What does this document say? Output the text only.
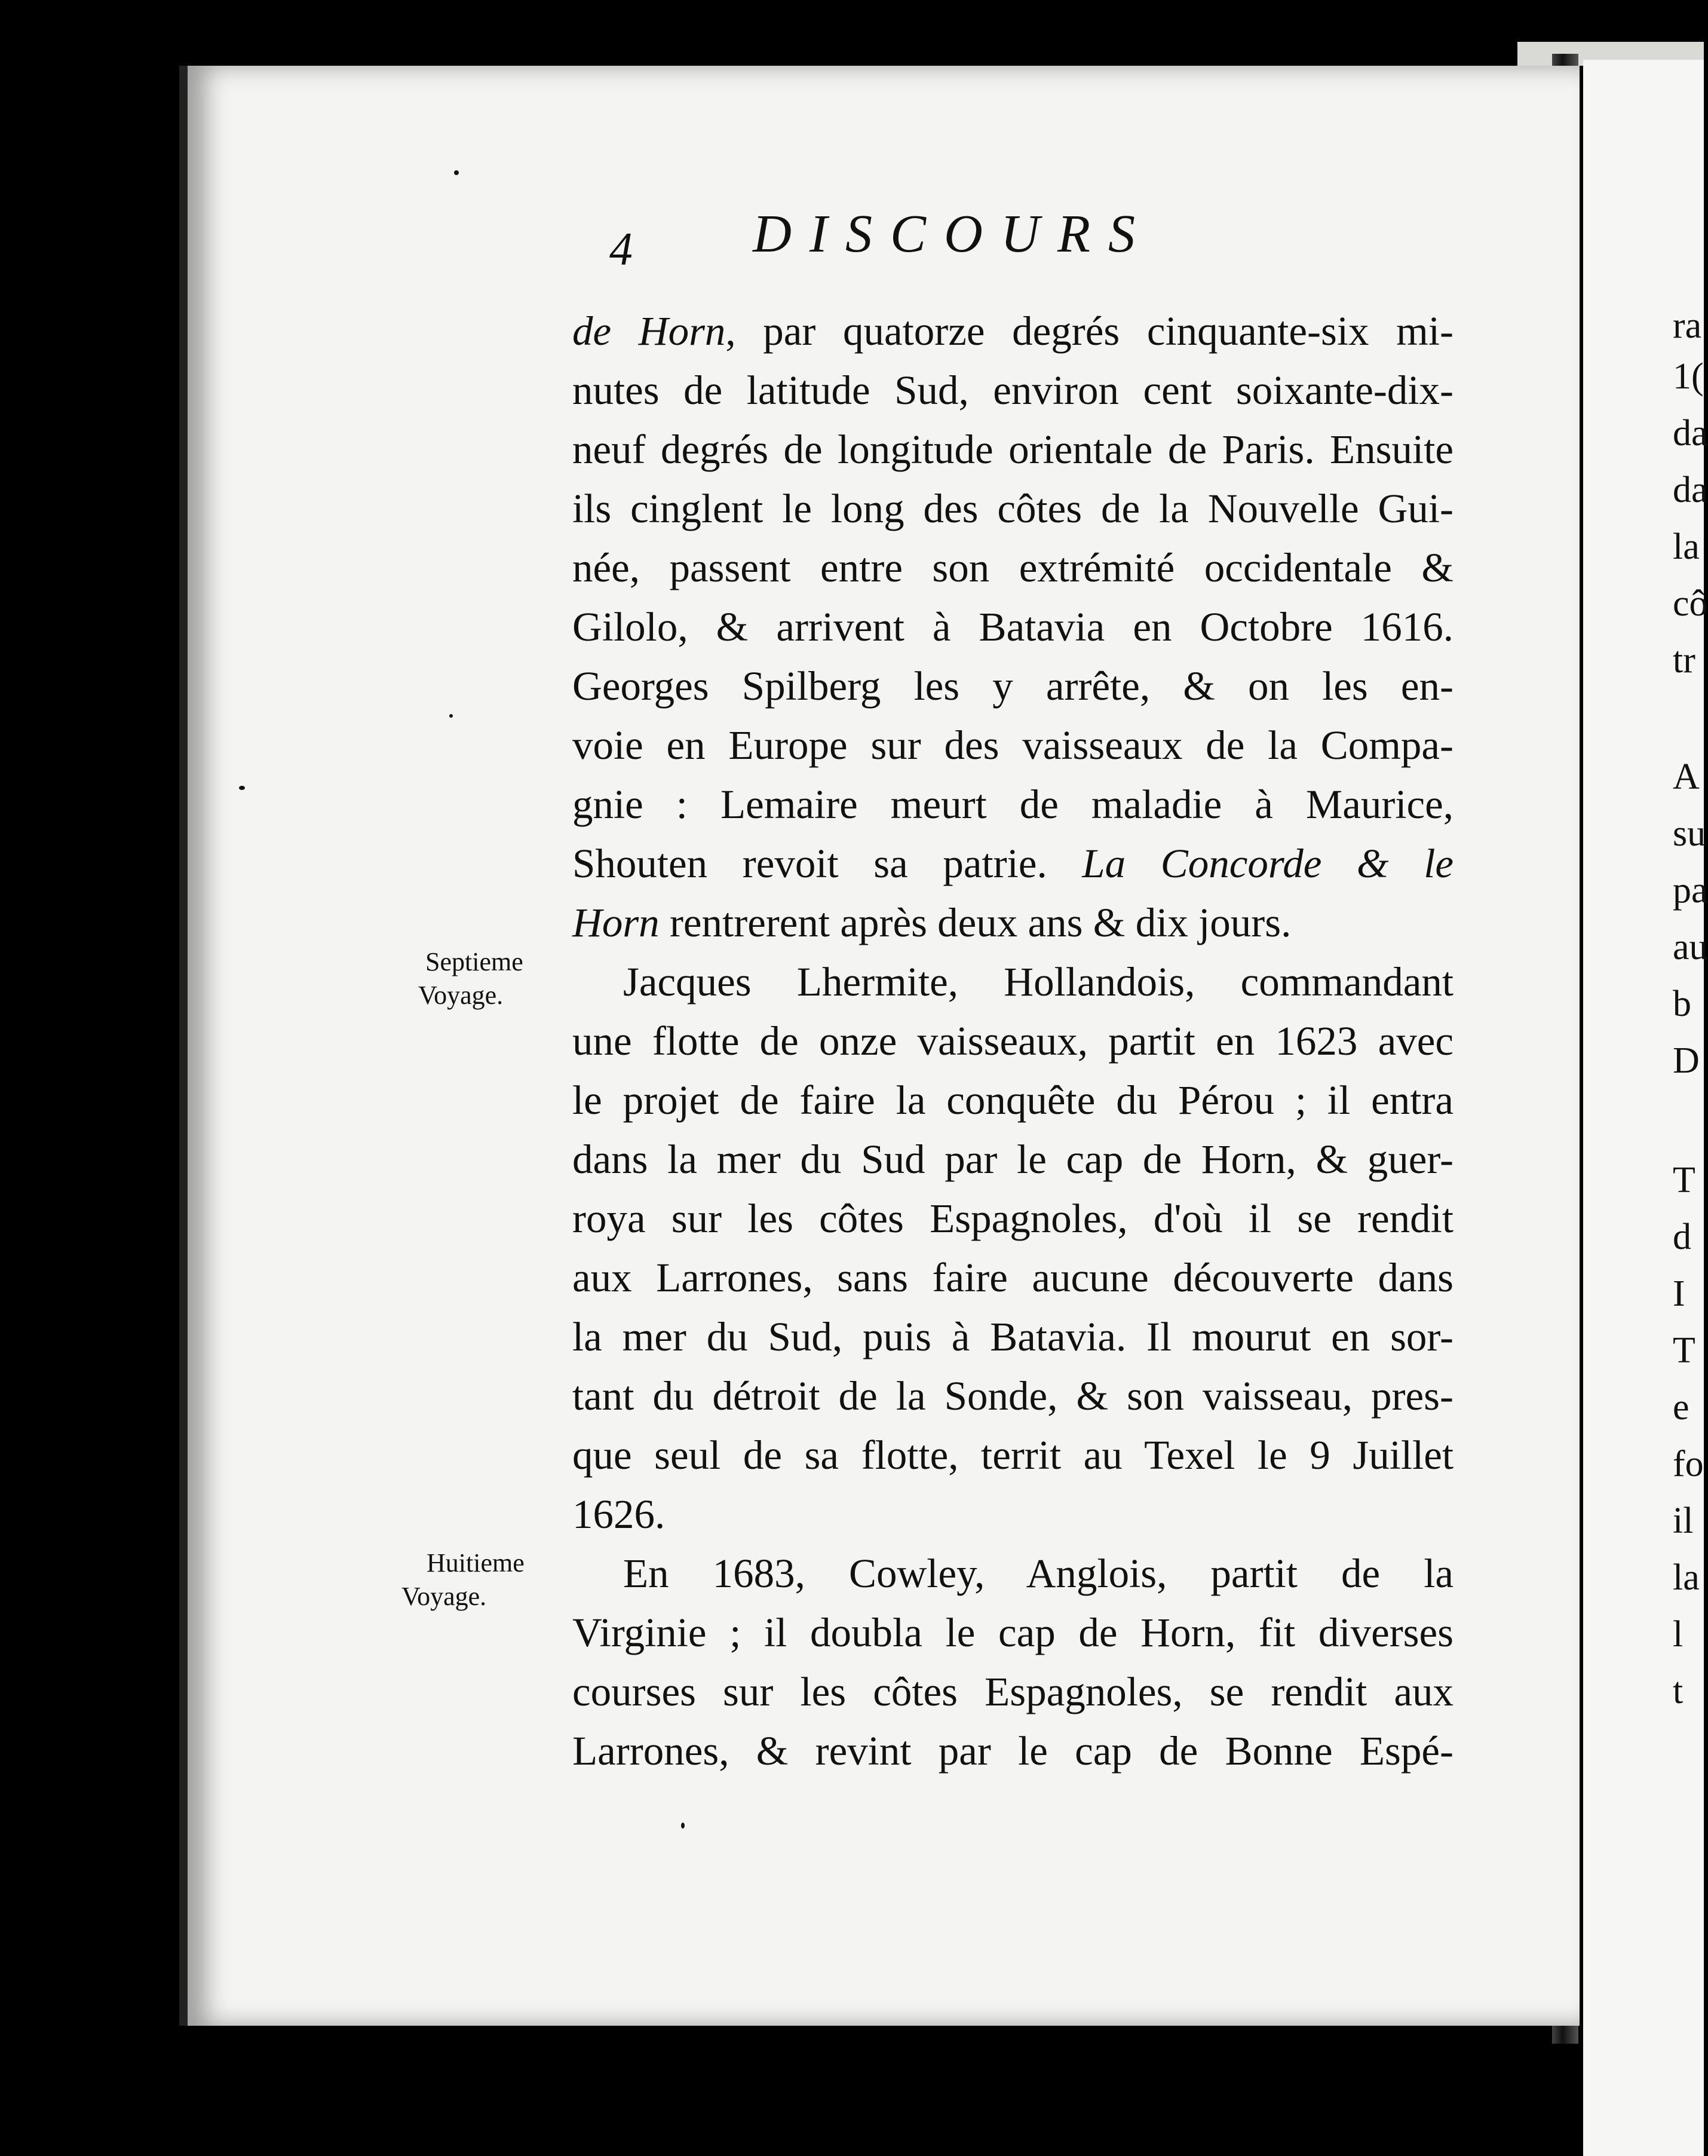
4 DISCOURS
Septieme
Voyage.
Huitieme
Voyage.
de Horn, par quatorze degrés cinquante-six mi-
nutes de latitude Sud, environ cent soixante-dix-
neuf degrés de longitude orientale de Paris. Ensuite
ils cinglent le long des côtes de la Nouvelle Gui-
née, passent entre son extrémité occidentale &
Gilolo, & arrivent à Batavia en Octobre 1616.
Georges Spilberg les y arrête, & on les en-
voie en Europe sur des vaisseaux de la Compa-
gnie : Lemaire meurt de maladie à Maurice,
Shouten revoit sa patrie. La Concorde & le
Horn rentrerent après deux ans & dix jours.
Jacques Lhermite, Hollandois, commandant
une flotte de onze vaisseaux, partit en 1623 avec
le projet de faire la conquête du Pérou ; il entra
dans la mer du Sud par le cap de Horn, & guer-
roya sur les côtes Espagnoles, d'où il se rendit
aux Larrones, sans faire aucune découverte dans
la mer du Sud, puis à Batavia. Il mourut en sor-
tant du détroit de la Sonde, & son vaisseau, pres-
que seul de sa flotte, territ au Texel le 9 Juillet
1626.
En 1683, Cowley, Anglois, partit de la
Virginie ; il doubla le cap de Horn, fit diverses
courses sur les côtes Espagnoles, se rendit aux
Larrones, & revint par le cap de Bonne Espé-
ra
1(
da
da
la
cô
tr
A
su
pa
au
b
D
T
d
I
T
e
fo
il
la
l
t
